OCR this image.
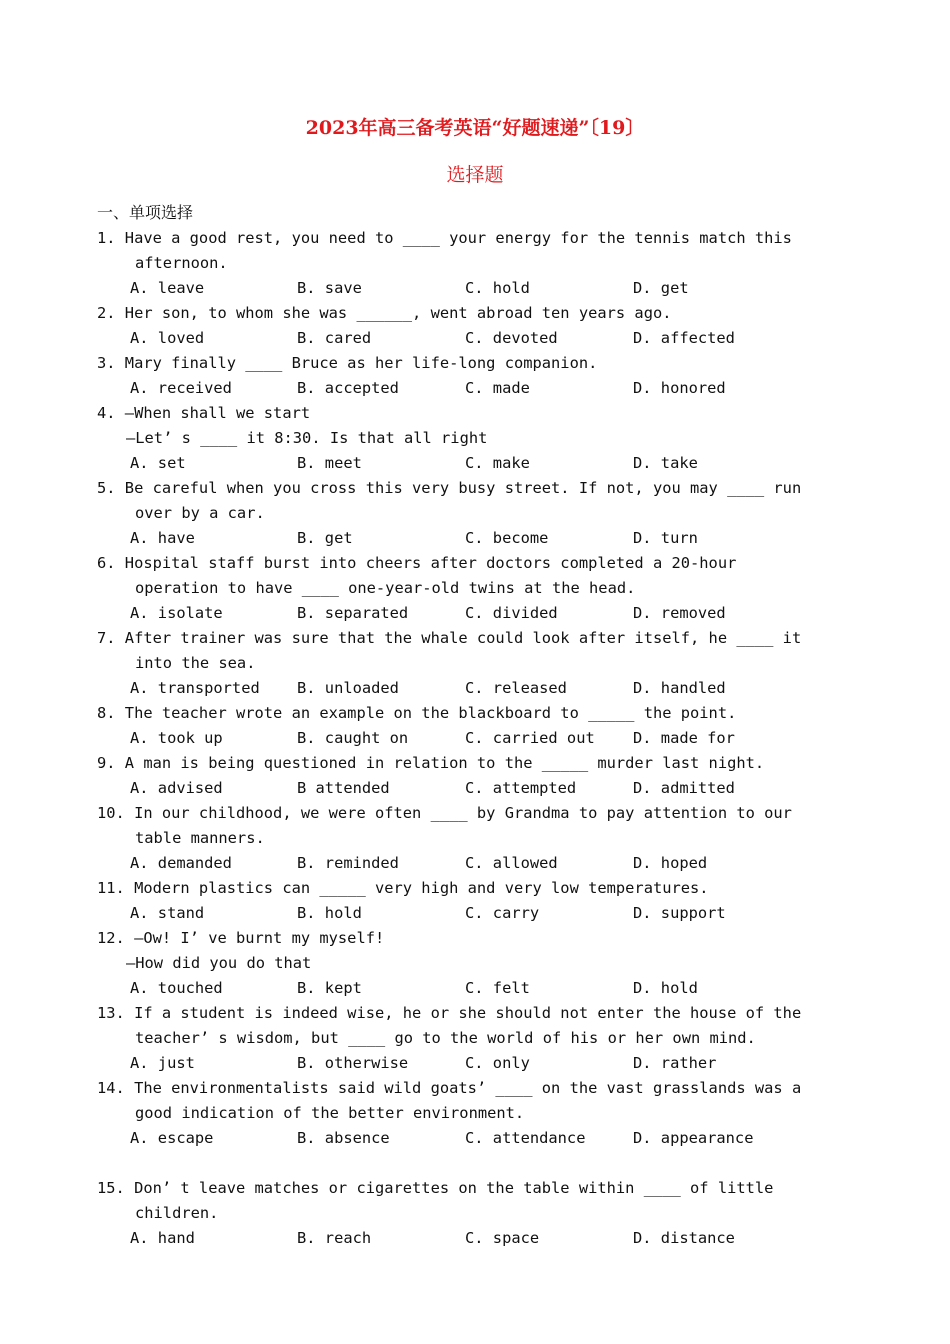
2023年高三备考英语“好题速递”〔19〕
选择题
一、单项选择
1. Have a good rest, you need to ____ your energy for the tennis match this
afternoon.
A. leave	B. save	C. hold	D. get
2. Her son, to whom she was ______, went abroad ten years ago.
A. loved	B. cared	C. devoted	D. affected
3. Mary finally ____ Bruce as her life-long companion.
A. received	B. accepted	C. made	D. honored
4. —When shall we start
—Let’ s ____ it 8:30. Is that all right
A. set	B. meet	C. make	D. take
5. Be careful when you cross this very busy street. If not, you may ____ run
over by a car.
A. have	B. get	C. become	D. turn
6. Hospital staff burst into cheers after doctors completed a 20-hour
operation to have ____ one-year-old twins at the head.
A. isolate	B. separated	C. divided	D. removed
7. After trainer was sure that the whale could look after itself, he ____ it
into the sea.
A. transported B. unloaded	C. released	D. handled
8. The teacher wrote an example on the blackboard to _____ the point.
A. took up	B. caught on	C. carried out D. made for
9. A man is being questioned in relation to the _____ murder last night.
A. advised	B attended	C. attempted	D. admitted
10. In our childhood, we were often ____ by Grandma to pay attention to our
table manners.
A. demanded	B. reminded	C. allowed	D. hoped
11. Modern plastics can _____ very high and very low temperatures.
A. stand	B. hold	C. carry	D. support
12. —Ow! I’ ve burnt my myself!
—How did you do that
A. touched	B. kept	C. felt	D. hold
13. If a student is indeed wise, he or she should not enter the house of the
teacher’ s wisdom, but ____ go to the world of his or her own mind.
A. just	B. otherwise	C. only	D. rather
14. The environmentalists said wild goats’ ____ on the vast grasslands was a
good indication of the better environment.
A. escape	B. absence	C. attendance	D. appearance
15. Don’ t leave matches or cigarettes on the table within ____ of little
children.
A. hand	B. reach	C. space	D. distance
